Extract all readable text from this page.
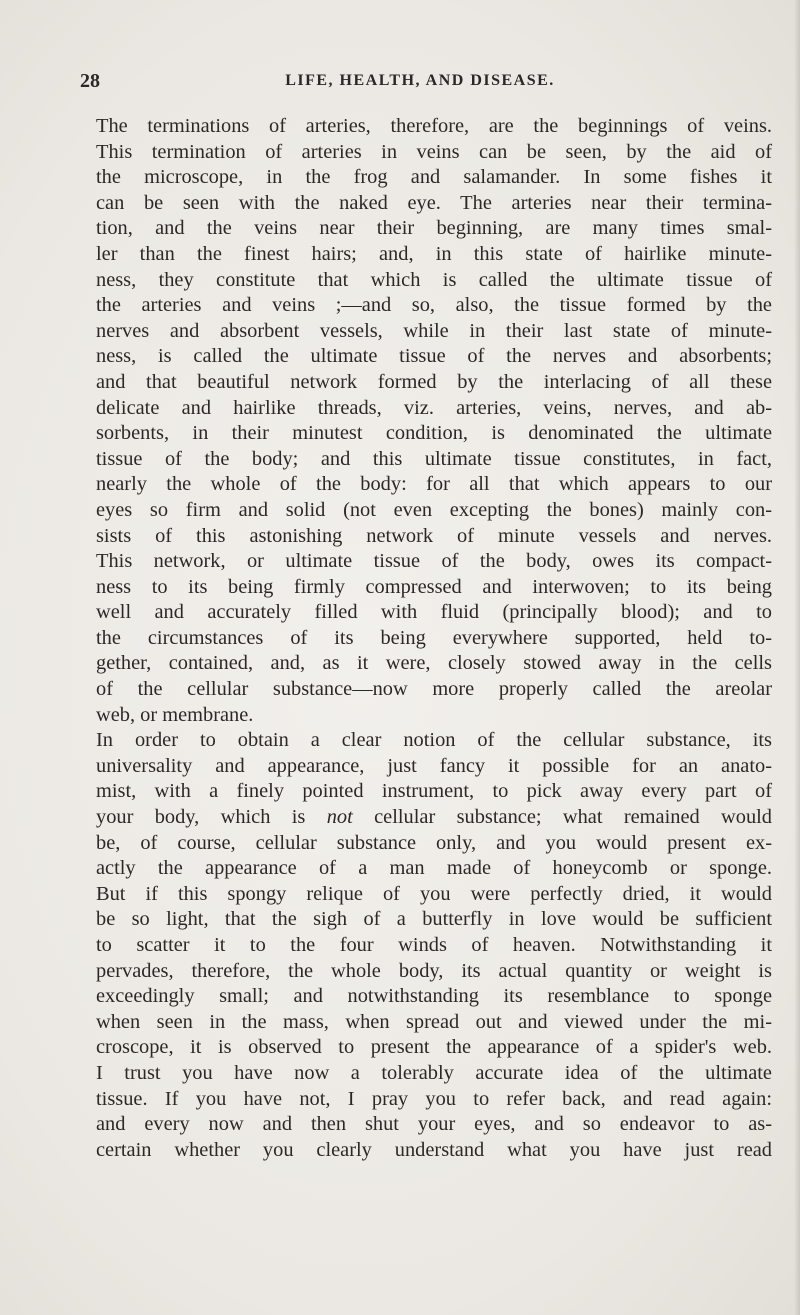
28	LIFE, HEALTH, AND DISEASE.
The terminations of arteries, therefore, are the beginnings of veins.
This termination of arteries in veins can be seen, by the aid of
the microscope, in the frog and salamander. In some fishes it
can be seen with the naked eye. The arteries near their termina-
tion, and the veins near their beginning, are many times smal-
ler than the finest hairs; and, in this state of hairlike minute-
ness, they constitute that which is called the ultimate tissue of
the arteries and veins ;—and so, also, the tissue formed by the
nerves and absorbent vessels, while in their last state of minute-
ness, is called the ultimate tissue of the nerves and absorbents;
and that beautiful network formed by the interlacing of all these
delicate and hairlike threads, viz. arteries, veins, nerves, and ab-
sorbents, in their minutest condition, is denominated the ultimate
tissue of the body; and this ultimate tissue constitutes, in fact,
nearly the whole of the body: for all that which appears to our
eyes so firm and solid (not even excepting the bones) mainly con-
sists of this astonishing network of minute vessels and nerves.
This network, or ultimate tissue of the body, owes its compact-
ness to its being firmly compressed and interwoven; to its being
well and accurately filled with fluid (principally blood); and to
the circumstances of its being everywhere supported, held to-
gether, contained, and, as it were, closely stowed away in the cells
of the cellular substance—now more properly called the areolar
web, or membrane.
In order to obtain a clear notion of the cellular substance, its
universality and appearance, just fancy it possible for an anato-
mist, with a finely pointed instrument, to pick away every part of
your body, which is not cellular substance; what remained would
be, of course, cellular substance only, and you would present ex-
actly the appearance of a man made of honeycomb or sponge.
But if this spongy relique of you were perfectly dried, it would
be so light, that the sigh of a butterfly in love would be sufficient
to scatter it to the four winds of heaven. Notwithstanding it
pervades, therefore, the whole body, its actual quantity or weight is
exceedingly small; and notwithstanding its resemblance to sponge
when seen in the mass, when spread out and viewed under the mi-
croscope, it is observed to present the appearance of a spider's web.
I trust you have now a tolerably accurate idea of the ultimate
tissue. If you have not, I pray you to refer back, and read again:
and every now and then shut your eyes, and so endeavor to as-
certain whether you clearly understand what you have just read
